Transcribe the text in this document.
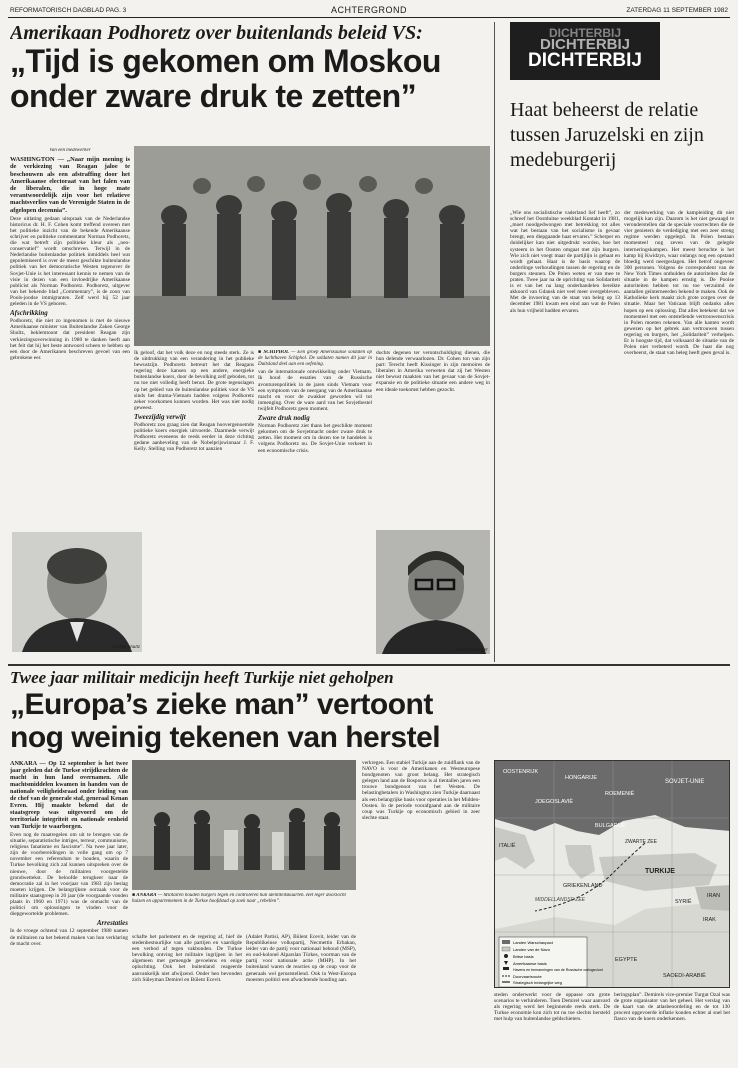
REFORMATORISCH DAGBLAD PAG. 3	ACHTERGROND	ZATERDAG 11 SEPTEMBER 1982
Amerikaan Podhoretz over buitenlands beleid VS:
„Tijd is gekomen om Moskou
onder zware druk te zetten”

Van een medewerker

WASHINGTON — „Naar mijn mening is de verkiezing van Reagan jaloe te beschouwen als een afstraffing door het Amerikaanse electoraat van het falen van de liberalen, die in hoge mate verantwoordelijk zijn voor het relatieve machtsverlies van de Verenigde Staten in de afgelopen decennia”.

Deze uitlating gedaan uitspraak van de Nederlandse historicus dr. H. F. Cohen komt treffend overeen met het politieke inzicht van de bekende Amerikaanse schrijver en politieke commentator Norman Podhoretz, die wat betreft zijn politieke kleur als „neo-conservatief” wordt omschreven. Terwijl in de Nederlandse buitenlandse politiek inmiddels heel wat gepolemiseerd is over de meest geschikte buitenlandse politiek van het democratische Westen tegenover de Sovjet-Unie is het interessant kennis te nemen van de visie in dezen van een invloedrijke Amerikaanse publicist als Norman Podhoretz. Podhoretz, uitgever van het bekende blad „Commentary”, is de zoon van Pools-joodse immigranten. Zelf werd hij 52 jaar geleden in de VS geboren.

Afschrikking

Podhoretz, die niet zo ingenomen is met de nieuwe Amerikaanse minister van Buitenlandse Zaken George Shultz, beklemtoont dat president Reagan zijn verkiezingsoverwinning in 1980 te danken heeft aan het feit dat hij het beste antwoord scheen te hebben op een door de Amerikanen beschreven gevoel van een gebrokene eer.

George Shultz

Ik geloof, dat het volk deze en nog steeds sterk. Ze is de uitdrukking van een verandering in het publieke bewustzijn. Podhoretz betreurt het dat Reagans regering deze kansen op een andere, energieke buitenlandse koers, door de bevolking zelf geboden, tot nu toe niet volledig heeft benut. De grote tegenslagen op het gebied van de buitenlandse politiek voor de VS sinds het drama-Vietnam hadden volgens Podhoretz zeker voorkomen kunnen worden. Het was niet nodig geweest.

Tweezijdig verwijt

Podhoretz zou graag zien dat Reagan hoovergenoemde politieke koers energiek uitvoerde. Daarmede verwijt Podhoretz eveneens de reeds eerder in deze richting gedane aanbeveling van de Nobelprijswinnaar J. F. Kelly. Stelling van Podhoretz tot aanzien

■ SCHIPHOL — Een groep Amerikaanse soldaten op de luchthaven Schiphol. De soldaten namen dit jaar in Duitsland deel aan een oefening.

van de internationale ontwikkeling onder Vietnam. Ik houd de essaties van de Russische avonturenpolitiek in de jaren sinds Vietnam voor een symptoom van de neergang van de Amerikaanse macht en voor de zwakker geworden wil tot inmenging. Over de ware aard van het Sovjetbestel twijfelt Podhoretz geen moment.

Zware druk nodig

Norman Podhoretz ziet thans het geschikte moment gekomen om de Sovjetmacht onder zware druk te zetten. Het moment om in dezen toe te handelen is volgens Podhoretz nu. De Sovjet-Unie verkeert in een economische crisis.

dochts degenen ter verontschuldiging dienen, die hun delende verwaarlozen. Dr. Cohen ton van zijn part: Terecht heeft Kissinger in zijn memoires de liberalen in Amerika verweten dat zij het Westen niet bewust maakten van het gevaar van de Sovjet-expansie en de politieke situatie een andere weg in een ideale toekomst hebben gezocht.

Henry Kissinger
DICHTERBIJ
DICHTERBIJ
DICHTERBIJ
Haat beheerst de relatie tussen Jaruzelski en zijn medeburgerij

„Wie ons socialistische vaderland lief heeft”, zo schreef het Oostduitse weekblad Kontakt in 1981, „moet noodgedwongen met betrekking tot alles wat het bestaan van het socialisme in gevaar brengt, een diepgaande haat ervaren.” Scherper en duidelijker kan niet uitgedrukt worden, hoe het systeem in het Oosten omgaat met zijn burgers. Wie zich niet voegt maar de partijlijn is gehaat en wordt gehaat. Haat is de basis waarop de onderlinge verhoudingen tussen de regering en de burgers steunen. De Polen weten er van mee te praten. Twee jaar na de oprichting van Solidariteit is er van het na lang onderhandelen bereikte akkoord van Gdansk niet veel meer overgebleven. Met de invoering van de staat van beleg op 13 december 1981 kwam een eind aan wat de Polen als hun vrijheid hadden ervaren.

der medewerking van de kampleiding dit niet mogelijk kan zijn. Daarom is het niet gewaagd te veronderstellen dat de speciale voorrechten die de vier genieters de verdediging met een zeer streng regime werden opgelegd. In Polen bestaan momenteel nog zeven van de gelegde interneringskampen. Het meest beruchte is het kamp bij Kwidzyn, waar onlangs nog een opstand bloedig werd neergeslagen. Het betrof ongeveer 300 personen. Volgens de correspondent van de New York Times onthulden de autoriteiten dat de situatie in de kampen ernstig is. De Poolse autoriteiten hebben tot nu toe verzuimd de aantallen geïnterneerden bekend te maken. Ook de Katholieke kerk maakt zich grote zorgen over de situatie. Maar het Vaticaan blijft ondanks alles hopen op een oplossing. Dat alles betekent dat we momenteel met een ontstellende vertrouwenscrisis in Polen moeten rekenen. Van alle kanten wordt gewezen op het gebrek aan vertrouwen tussen regering en burgers, het „Solidariteit” verhelpen. Er is hoogste tijd, dat volksaard de situatie van de Polen niet verbeterd wordt. De haat die nog overheerst, de staat van beleg heeft geen geval is.

Twee jaar militair medicijn heeft Turkije niet geholpen
„Europa’s zieke man” vertoont
nog weinig tekenen van herstel

ANKARA — Op 12 september is het twee jaar geleden dat de Turkse strijdkrachten de macht in hun land overnamen. Alle machtsmiddelen kwamen in handen van de nationale veiligheidsraad onder leiding van de chef van de generale staf, generaal Kenan Evren. Hij maakte bekend dat de staatsgreep was uitgevoerd om de territoriale integriteit en nationale eenheid van Turkije te waarborgen.

Even nog de maatregelen om uit te brengen van de situatie, separatistische intriges, terreur, communisme, religieus fanatisme en fascisme”. Na twee jaar later, zijn de voorbereidingen in volle gang om op 7 november een referendum te houden, waarin de Turkse bevolking zich zal kunnen uitspreken over de nieuwe, door de militairen voorgestelde grondwettekst. De beloofde terugkeer naar de democratie zal in het voorjaar van 1983 zijn beslag moeten krijgen. De belangrijkste oorzaak voor de militaire staatsgreep in 20 jaar (de voorgaande vonden plaats in 1960 en 1971) was de onmacht van de politici om oplossingen te vinden voor de diepgewortelde problemen.

Arrestaties

In de vroege ochtend van 12 september 1980 namen de militairen na het bekend maken van hun verklaring de macht over.

■ ANKARA — Militairen houden burgers tegen en controleren hun identiteitskaarten. Het leger doorzocht huizen en appartementen in de Turkse hoofdstad op zoek naar „rebellen”.

schafte het parlement en de regering af, hief de stedenbestuurlijke van alle partijen en vaardigde een verbod af tegen vakbonden. De Turkse bevolking ontving het militaire ingrijpen in het algemeen met gemengde gevoelens en enige opluchting. Ook het buitenland reageerde aanvankelijk niet afwijzend. Onder hen bevonden zich Süleyman Demirel en Bülent Ecevit.

(Adalet Partisi, AP), Bülent Ecevit, leider van de Republikeinse volkspartij, Necmettin Erbakan, leider van de partij voor nationaal behoud (MSP), en oud-kolonel Alparslan Türkes, voorman van de partij voor nationale actie (MHP). In het buitenland waren de reacties op de coup voor de generaals wel geruststellend. Ook in West-Europa moesten politici een afwachtende houding aan.

verkregen. Een stabiel Turkije aan de zuidflank van de NAVO is voor de Amerikanen en Westeuropese bondgenoten van groot belang. Het strategisch gelegen land aan de Bosporus is al tientallen jaren een trouwe bondgenoot van het Westen. De belastingbetalers in Washington zien Turkije daarnaast als een belangrijke basis voor operaties in het Midden-Oosten. In de periode voorafgaand aan de militaire coup was Turkije op economisch gebied in zeer slechte staat.

OOSTENRIJK
HONGARIJE
JOEGOSLAVIË
ROEMENIË
BULGARIJE
ITALIË
GRIEKENLAND
TURKIJE
SOVJET-UNIE
ZWARTE ZEE
SYRIË
IRAK
IRAN
EGYPTE
SAOEDI-ARABIË
MIDDELLANDSE ZEE
Landen Warschaupact
Landen van de Navo
Britse basis
Amerikaanse basis
Havens en bemanningen van de Russische oorlogsvloot
Doorvaartsroute
Strategisch belangrijke weg

steden onderwerkt voor de oppasse om grote scenarios te verhinderen. Toen Demirel waar aanvard als regering werd het beginnende reeds sterk. De Turkse economie kon zich tot nu toe slechts hersteld met hulp van buitenlandse geldschieters.

beringsplan”. Demirels vice-premier Turgut Özal was de grote organisator van het geheel. Het verslag van de kaart van de atlasbeoordeling en de tot 130 procent opgevoerde inflatie konden echter al snel het fiasco van de koers onderkennen.
